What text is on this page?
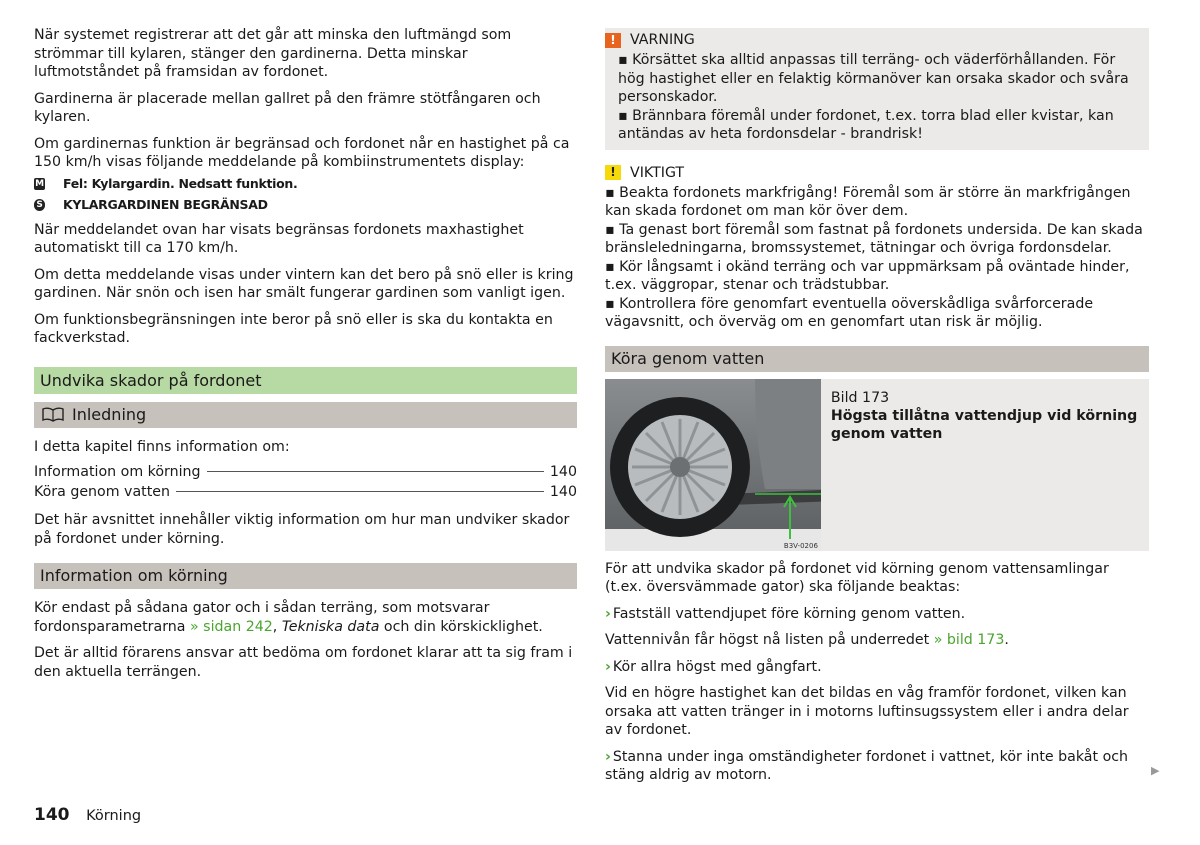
När systemet registrerar att det går att minska den luftmängd som strömmar till kylaren, stänger den gardinerna. Detta minskar luftmotståndet på framsidan av fordonet.

Gardinerna är placerade mellan gallret på den främre stötfångaren och kylaren.

Om gardinernas funktion är begränsad och fordonet når en hastighet på ca 150 km/h visas följande meddelande på kombiinstrumentets display:

M Fel: Kylargardin. Nedsatt funktion.
S KYLARGARDINEN BEGRÄNSAD

När meddelandet ovan har visats begränsas fordonets maxhastighet automatiskt till ca 170 km/h.

Om detta meddelande visas under vintern kan det bero på snö eller is kring gardinen. När snön och isen har smält fungerar gardinen som vanligt igen.

Om funktionsbegränsningen inte beror på snö eller is ska du kontakta en fackverkstad.

Undvika skador på fordonet
Inledning

I detta kapitel finns information om:

Information om körning	140
Köra genom vatten	140

Det här avsnittet innehåller viktig information om hur man undviker skador på fordonet under körning.

Information om körning

Kör endast på sådana gator och i sådan terräng, som motsvarar fordonsparametrarna » sidan 242, Tekniska data och din körskicklighet.

Det är alltid förarens ansvar att bedöma om fordonet klarar att ta sig fram i den aktuella terrängen.

!	VARNING

▪ Körsättet ska alltid anpassas till terräng- och väderförhållanden. För hög hastighet eller en felaktig körmanöver kan orsaka skador och svåra personskador.

▪ Brännbara föremål under fordonet, t.ex. torra blad eller kvistar, kan antändas av heta fordonsdelar - brandrisk!

!	VIKTIGT

▪ Beakta fordonets markfrigång! Föremål som är större än markfrigången kan skada fordonet om man kör över dem.

▪ Ta genast bort föremål som fastnat på fordonets undersida. De kan skada bränsleledningarna, bromssystemet, tätningar och övriga fordonsdelar.

▪ Kör långsamt i okänd terräng och var uppmärksam på oväntade hinder, t.ex. väggropar, stenar och trädstubbar.

▪ Kontrollera före genomfart eventuella oöverskådliga svårforcerade vägavsnitt, och överväg om en genomfart utan risk är möjlig.

Köra genom vatten
B3V-0206
Bild 173
Högsta tillåtna vattendjup vid körning genom vatten

För att undvika skador på fordonet vid körning genom vattensamlingar (t.ex. översvämmade gator) ska följande beaktas:

› Fastställ vattendjupet före körning genom vatten.

Vattennivån får högst nå listen på underredet » bild 173.

› Kör allra högst med gångfart.

Vid en högre hastighet kan det bildas en våg framför fordonet, vilken kan orsaka att vatten tränger in i motorns luftinsugssystem eller i andra delar av fordonet.

› Stanna under inga omständigheter fordonet i vattnet, kör inte bakåt och stäng aldrig av motorn.	▶
140 Körning
